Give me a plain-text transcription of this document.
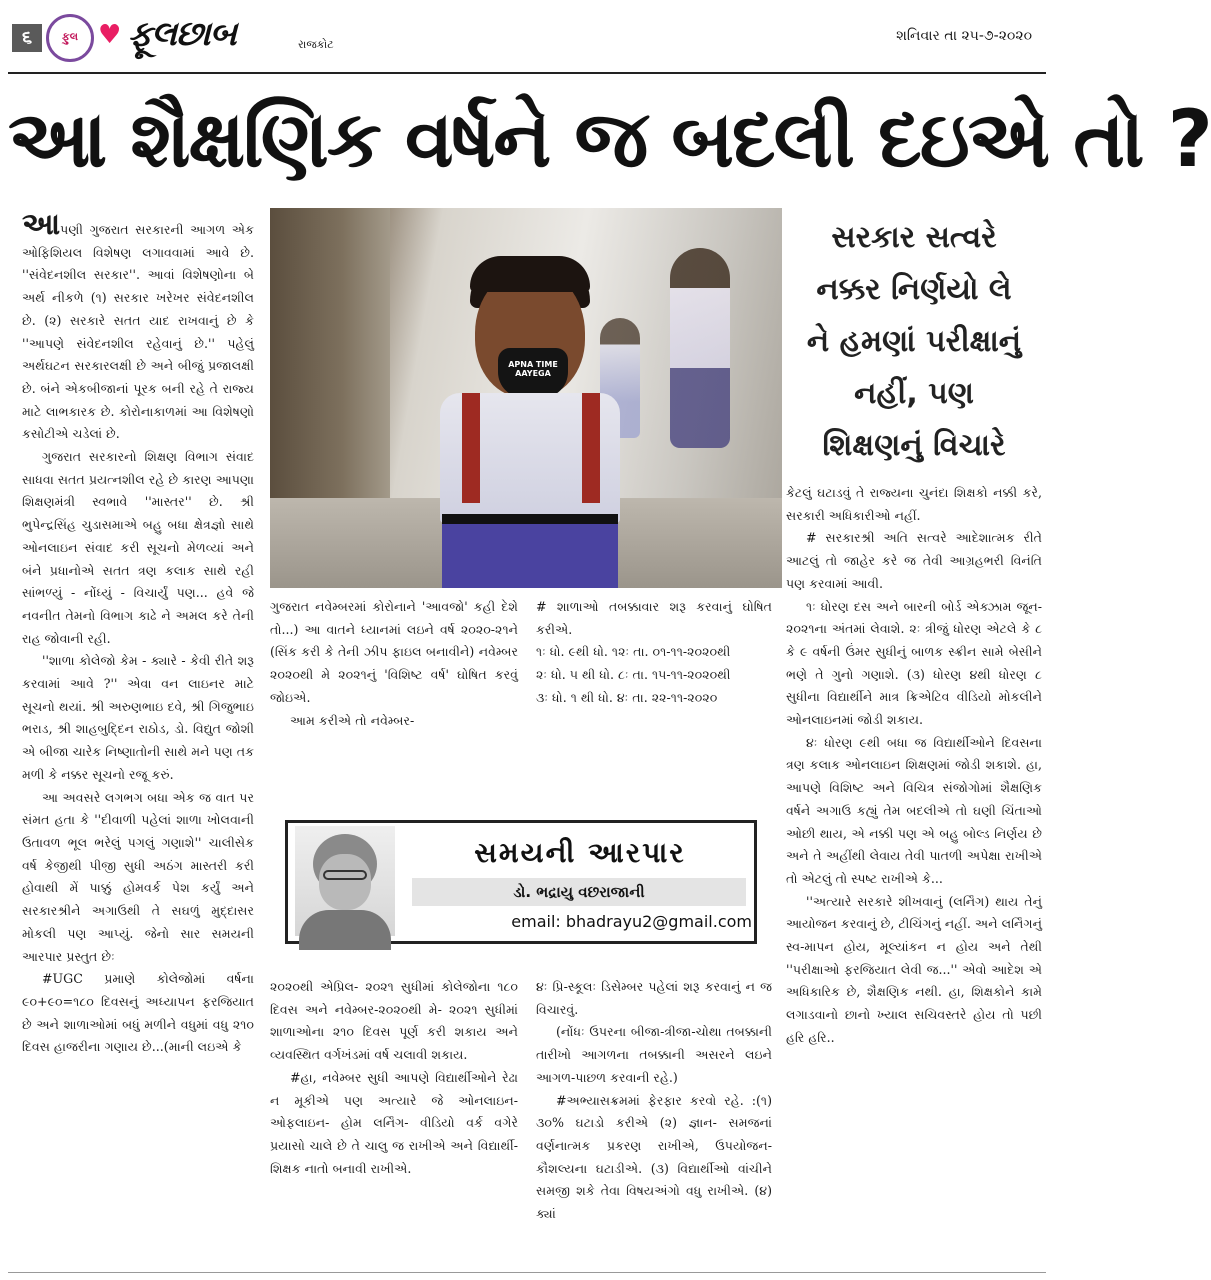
૬	ફુલ ♥ ફૂલછાબ	રાજકોટ
શનિવાર તા ૨૫-૭-૨૦૨૦
આ શૈક્ષણિક વર્ષને જ બદલી દઇએ તો ?

આપણી ગુજરાત સરકારની આગળ એક ઓફિશિયલ વિશેષણ લગાવવામાં આવે છે. ''સંવેદનશીલ સરકાર''. આવાં વિશેષણોના બે અર્થ નીકળે (૧) સરકાર ખરેખર સંવેદનશીલ છે. (૨) સરકારે સતત યાદ રાખવાનું છે કે ''આપણે સંવેદનશીલ રહેવાનું છે.'' પહેલું અર્થઘટન સરકારલક્ષી છે અને બીજું પ્રજાલક્ષી છે. બંને એકબીજાનાં પૂરક બની રહે તે રાજ્ય માટે લાભકારક છે. કોરોનાકાળમાં આ વિશેષણો કસોટીએ ચડેલાં છે.

ગુજરાત સરકારનો શિક્ષણ વિભાગ સંવાદ સાધવા સતત પ્રયત્નશીલ રહે છે કારણ આપણા શિક્ષણમંત્રી સ્વભાવે ''માસ્તર'' છે. શ્રી ભુપેન્દ્રસિંહ ચુડાસમાએ બહુ બધા ક્ષેત્રજ્ઞો સાથે ઓનલાઇન સંવાદ કરી સૂચનો મેળવ્યાં અને બંને પ્રધાનોએ સતત ત્રણ કલાક સાથે રહી સાંભળ્યું - નોંધ્યું - વિચાર્યું પણ... હવે જે નવનીત તેમનો વિભાગ કાઢે ને અમલ કરે તેની રાહ જોવાની રહી.

''શાળા કોલેજો કેમ - ક્યારે - કેવી રીતે શરૂ કરવામાં આવે ?'' એવા વન લાઇનર માટે સૂચનો થયાં. શ્રી અરુણભાઇ દવે, શ્રી ગિજુભાઇ ભરાડ, શ્રી શાહબુદ્દિન રાઠોડ, ડો. વિદ્યુત જોશી એ બીજા ચારેક નિષ્ણાતોની સાથે મને પણ તક મળી કે નક્કર સૂચનો રજૂ કરું.

આ અવસરે લગભગ બધા એક જ વાત પર સંમત હતા કે ''દીવાળી પહેલાં શાળા ખોલવાની ઉતાવળ ભૂલ ભરેલું પગલું ગણાશે'' ચાલીસેક વર્ષ કેજીથી પીજી સુધી અઠંગ માસ્તરી કરી હોવાથી મેં પાક્કું હોમવર્ક પેશ કર્યું અને સરકારશ્રીને અગાઉથી તે સઘળું મુદ્દાસર મોકલી પણ આપ્યું. જેનો સાર સમયની આરપાર પ્રસ્તુત છેઃ

#UGC પ્રમાણે કોલેજોમાં વર્ષના ૯૦+૯૦=૧૮૦ દિવસનું અધ્યાપન ફરજિયાત છે અને શાળાઓમાં બધું મળીને વધુમાં વધુ ૨૧૦ દિવસ હાજરીના ગણાય છે...(માની લઇએ કે

APNA TIME AAYEGA
સરકાર સત્વરે
નક્કર નિર્ણયો લે
ને હમણાં પરીક્ષાનું
નહીં, પણ
શિક્ષણનું વિચારે

ગુજરાત નવેમ્બરમાં કોરોનાને 'આવજો' કહી દેશે તો...) આ વાતને ધ્યાનમાં લઇને વર્ષ ૨૦૨૦-૨૧ને (સિંક કરી કે તેની ઝીપ ફાઇલ બનાવીને) નવેમ્બર ૨૦૨૦થી મે ૨૦૨૧નું 'વિશિષ્ટ વર્ષ' ઘોષિત કરવું જોઇએ.

આમ કરીએ તો નવેમ્બર-

# શાળાઓ તબક્કાવાર શરૂ કરવાનું ઘોષિત કરીએ.

૧ઃ ધો. ૯થી ધો. ૧૨ઃ તા. ૦૧-૧૧-૨૦૨૦થી

૨ઃ ધો. ૫ થી ધો. ૮ઃ તા. ૧૫-૧૧-૨૦૨૦થી

૩ઃ ધો. ૧ થી ધો. ૪ઃ તા. ૨૨-૧૧-૨૦૨૦

સમયની આરપાર
ડો. ભદ્રાયુ વછરાજાની
email: bhadrayu2@gmail.com

૨૦૨૦થી એપ્રિલ- ૨૦૨૧ સુધીમાં કોલેજોના ૧૮૦ દિવસ અને નવેમ્બર-૨૦૨૦થી મે- ૨૦૨૧ સુધીમાં શાળાઓના ૨૧૦ દિવસ પૂર્ણ કરી શકાય અને વ્યવસ્થિત વર્ગખંડમાં વર્ષ ચલાવી શકાય.

#હા, નવેમ્બર સુધી આપણે વિદ્યાર્થીઓને રેઢા ન મૂકીએ પણ અત્યારે જે ઓનલાઇન- ઓફલાઇન- હોમ લર્નિંગ- વીડિયો વર્ક વગેરે પ્રયાસો ચાલે છે તે ચાલુ જ રાખીએ અને વિદ્યાર્થી-શિક્ષક નાતો બનાવી રાખીએ.

૪ઃ પ્રિ-સ્કૂલઃ ડિસેમ્બર પહેલાં શરૂ કરવાનું ન જ વિચારવું.

(નોંધઃ ઉપરના બીજા-ત્રીજા-ચોથા તબક્કાની તારીખો આગળના તબક્કાની અસરને લઇને આગળ-પાછળ કરવાની રહે.)

#અભ્યાસક્રમમાં ફેરફાર કરવો રહે. :(૧) ૩૦% ઘટાડો કરીએ (૨) જ્ઞાન- સમજનાં વર્ણનાત્મક પ્રકરણ રાખીએ, ઉપયોજન- કૌશલ્યના ઘટાડીએ. (૩) વિદ્યાર્થીઓ વાંચીને સમજી શકે તેવા વિષયઅંગો વધુ રાખીએ. (૪) ક્યાં

કેટલું ઘટાડવું તે રાજ્યના ચુનંદા શિક્ષકો નક્કી કરે, સરકારી અધિકારીઓ નહીં.

# સરકારશ્રી અતિ સત્વરે આદેશાત્મક રીતે આટલું તો જાહેર કરે જ તેવી આગ્રહભરી વિનંતિ પણ કરવામાં આવી.

૧ઃ ધોરણ દસ અને બારની બોર્ડ એક્ઝામ જૂન- ૨૦૨૧ના અંતમાં લેવાશે. ૨ઃ ત્રીજું ધોરણ એટલે કે ૮ કે ૯ વર્ષની ઉંમર સુધીનું બાળક સ્ક્રીન સામે બેસીને ભણે તે ગુનો ગણાશે. (૩) ધોરણ ૪થી ધોરણ ૮ સુધીના વિદ્યાર્થીને માત્ર ક્રિએટિવ વીડિયો મોકલીને ઓનલાઇનમાં જોડી શકાય.

૪ઃ ધોરણ ૯થી બધા જ વિદ્યાર્થીઓને દિવસના ત્રણ કલાક ઓનલાઇન શિક્ષણમાં જોડી શકાશે. હા, આપણે વિશિષ્ટ અને વિચિત્ર સંજોગોમાં શૈક્ષણિક વર્ષને અગાઉ કહ્યું તેમ બદલીએ તો ઘણી ચિંતાઓ ઓછી થાય, એ નક્કી પણ એ બહુ બોલ્ડ નિર્ણય છે અને તે અહીંથી લેવાય તેવી પાતળી અપેક્ષા રાખીએ તો એટલું તો સ્પષ્ટ રાખીએ કે...

''અત્યારે સરકારે શીખવાનું (લર્નિંગ) થાય તેનું આયોજન કરવાનું છે, ટીચિંગનું નહીં. અને લર્નિંગનું સ્વ-માપન હોય, મૂલ્યાંકન ન હોય અને તેથી ''પરીક્ષાઓ ફરજિયાત લેવી જ...'' એવો આદેશ એ અધિકારિક છે, શૈક્ષણિક નથી. હા, શિક્ષકોને કામે લગાડવાનો છાનો ખ્યાલ સચિવસ્તરે હોય તો પછી હરિ હરિ..
